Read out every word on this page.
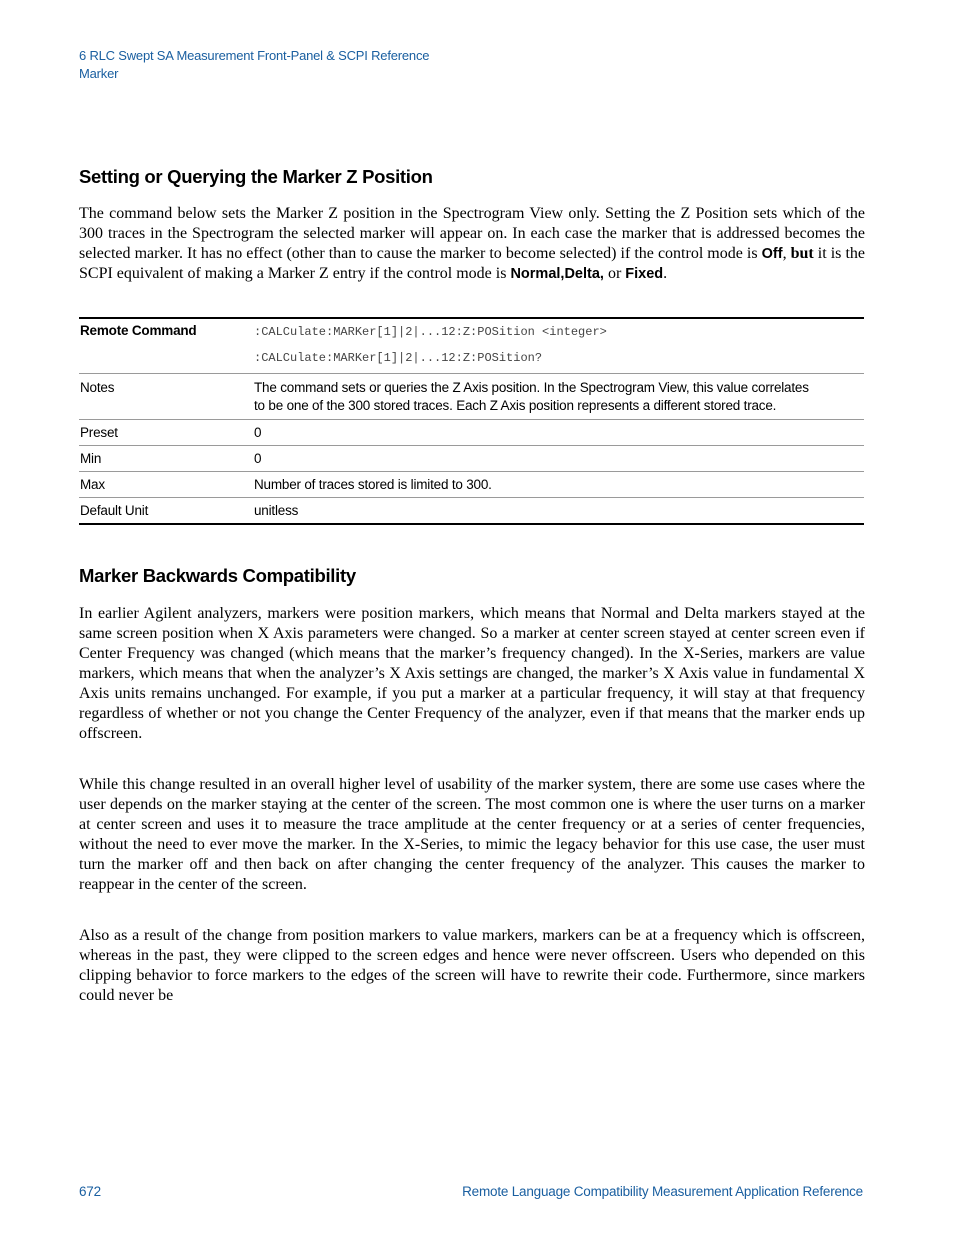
6 RLC Swept SA Measurement Front-Panel & SCPI Reference
Marker
Setting or Querying the Marker Z Position

The command below sets the Marker Z position in the Spectrogram View only. Setting the Z Position sets which of the 300 traces in the Spectrogram the selected marker will appear on. In each case the marker that is addressed becomes the selected marker. It has no effect (other than to cause the marker to become selected) if the control mode is Off, but it is the SCPI equivalent of making a Marker Z entry if the control mode is Normal,Delta, or Fixed.

Remote Command	:CALCulate:MARKer[1]|2|...12:Z:POSition <integer>
:CALCulate:MARKer[1]|2|...12:Z:POSition?

Notes	The command sets or queries the Z Axis position. In the Spectrogram View, this value correlates
to be one of the 300 stored traces. Each Z Axis position represents a different stored trace.

Preset	0
Min	0
Max	Number of traces stored is limited to 300.
Default Unit	unitless
Marker Backwards Compatibility

In earlier Agilent analyzers, markers were position markers, which means that Normal and Delta markers stayed at the same screen position when X Axis parameters were changed. So a marker at center screen stayed at center screen even if Center Frequency was changed (which means that the marker’s frequency changed). In the X-Series, markers are value markers, which means that when the analyzer’s X Axis settings are changed, the marker’s X Axis value in fundamental X Axis units remains unchanged. For example, if you put a marker at a particular frequency, it will stay at that frequency regardless of whether or not you change the Center Frequency of the analyzer, even if that means that the marker ends up offscreen.

While this change resulted in an overall higher level of usability of the marker system, there are some use cases where the user depends on the marker staying at the center of the screen. The most common one is where the user turns on a marker at center screen and uses it to measure the trace amplitude at the center frequency or at a series of center frequencies, without the need to ever move the marker. In the X-Series, to mimic the legacy behavior for this use case, the user must turn the marker off and then back on after changing the center frequency of the analyzer. This causes the marker to reappear in the center of the screen.

Also as a result of the change from position markers to value markers, markers can be at a frequency which is offscreen, whereas in the past, they were clipped to the screen edges and hence were never offscreen. Users who depended on this clipping behavior to force markers to the edges of the screen will have to rewrite their code. Furthermore, since markers could never be

672	Remote Language Compatibility Measurement Application Reference
